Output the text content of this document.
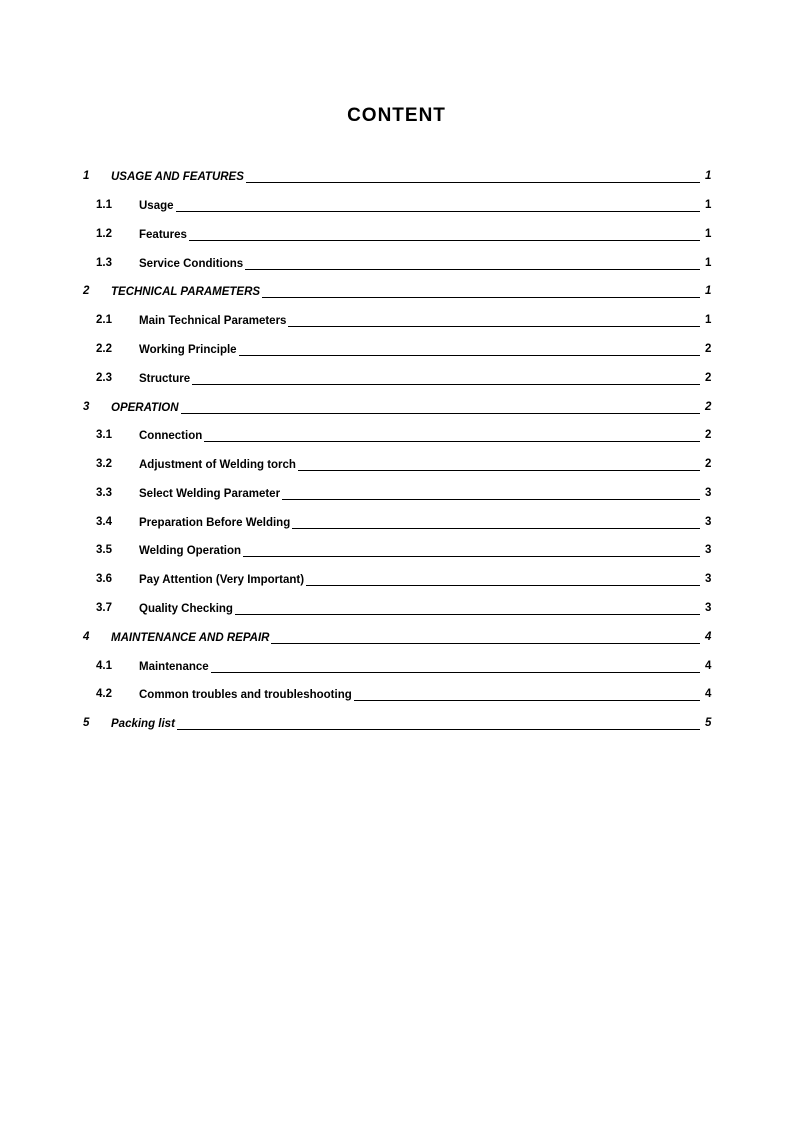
CONTENT
1 USAGE AND FEATURES	1
1.1 Usage	1
1.2 Features	1
1.3 Service Conditions	1
2 TECHNICAL PARAMETERS	1
2.1 Main Technical Parameters	1
2.2 Working Principle	2
2.3 Structure	2
3 OPERATION	2
3.1 Connection	2
3.2 Adjustment of Welding torch	2
3.3 Select Welding Parameter	3
3.4 Preparation Before Welding	3
3.5 Welding Operation	3
3.6 Pay Attention (Very Important)	3
3.7 Quality Checking	3
4 MAINTENANCE AND REPAIR	4
4.1 Maintenance	4
4.2 Common troubles and troubleshooting	4
5 Packing list	5
